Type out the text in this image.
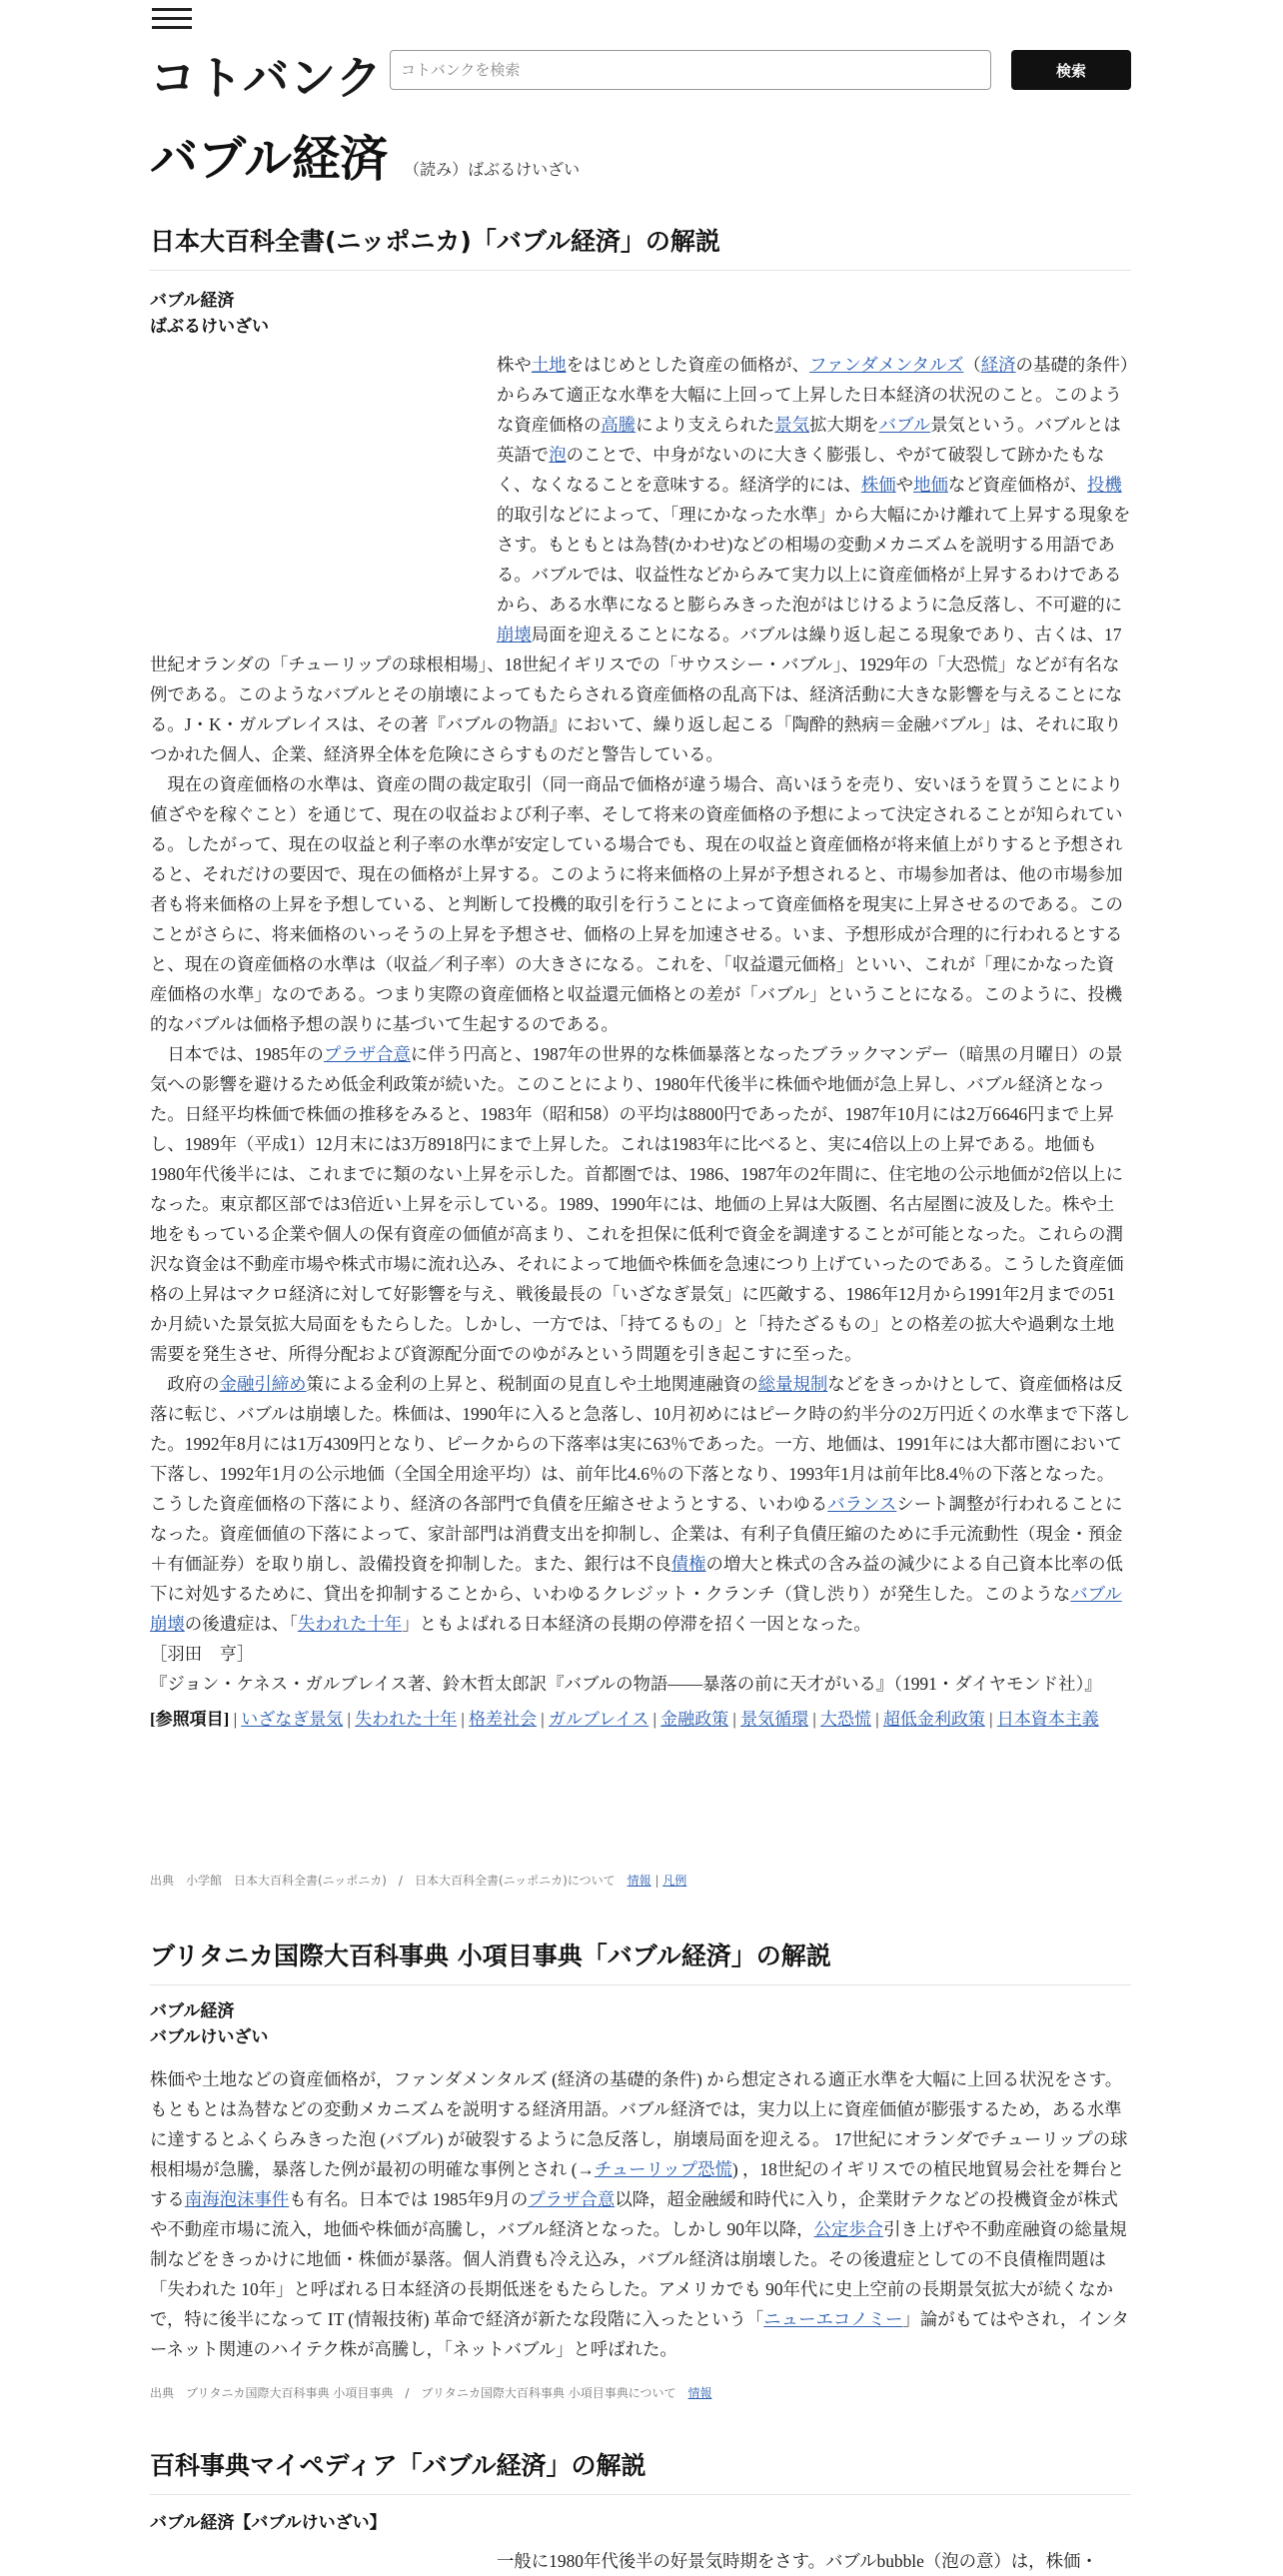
コトバンク
コトバンクを検索	検索
バブル経済 （読み）ばぶるけいざい
日本大百科全書(ニッポニカ)「バブル経済」の解説
バブル経済
ばぶるけいざい

株や土地をはじめとした資産の価格が、ファンダメンタルズ（経済の基礎的条件）からみて適正な水準を大幅に上回って上昇した日本経済の状況のこと。このような資産価格の高騰により支えられた景気拡大期をバブル景気という。バブルとは英語で泡のことで、中身がないのに大きく膨張し、やがて破裂して跡かたもなく、なくなることを意味する。経済学的には、株価や地価など資産価格が、投機的取引などによって、「理にかなった水準」から大幅にかけ離れて上昇する現象をさす。もともとは為替(かわせ)などの相場の変動メカニズムを説明する用語である。バブルでは、収益性などからみて実力以上に資産価格が上昇するわけであるから、ある水準になると膨らみきった泡がはじけるように急反落し、不可避的に崩壊局面を迎えることになる。バブルは繰り返し起こる現象であり、古くは、17世紀オランダの「チューリップの球根相場」、18世紀イギリスでの「サウスシー・バブル」、1929年の「大恐慌」などが有名な例である。このようなバブルとその崩壊によってもたらされる資産価格の乱高下は、経済活動に大きな影響を与えることになる。J・K・ガルブレイスは、その著『バブルの物語』において、繰り返し起こる「陶酔的熱病＝金融バブル」は、それに取りつかれた個人、企業、経済界全体を危険にさらすものだと警告している。

　現在の資産価格の水準は、資産の間の裁定取引（同一商品で価格が違う場合、高いほうを売り、安いほうを買うことにより値ざやを稼ぐこと）を通じて、現在の収益および利子率、そして将来の資産価格の予想によって決定されることが知られている。したがって、現在の収益と利子率の水準が安定している場合でも、現在の収益と資産価格が将来値上がりすると予想されると、それだけの要因で、現在の価格が上昇する。このように将来価格の上昇が予想されると、市場参加者は、他の市場参加者も将来価格の上昇を予想している、と判断して投機的取引を行うことによって資産価格を現実に上昇させるのである。このことがさらに、将来価格のいっそうの上昇を予想させ、価格の上昇を加速させる。いま、予想形成が合理的に行われるとすると、現在の資産価格の水準は（収益／利子率）の大きさになる。これを、「収益還元価格」といい、これが「理にかなった資産価格の水準」なのである。つまり実際の資産価格と収益還元価格との差が「バブル」ということになる。このように、投機的なバブルは価格予想の誤りに基づいて生起するのである。

　日本では、1985年のプラザ合意に伴う円高と、1987年の世界的な株価暴落となったブラックマンデー（暗黒の月曜日）の景気への影響を避けるため低金利政策が続いた。このことにより、1980年代後半に株価や地価が急上昇し、バブル経済となった。日経平均株価で株価の推移をみると、1983年（昭和58）の平均は8800円であったが、1987年10月には2万6646円まで上昇し、1989年（平成1）12月末には3万8918円にまで上昇した。これは1983年に比べると、実に4倍以上の上昇である。地価も1980年代後半には、これまでに類のない上昇を示した。首都圏では、1986、1987年の2年間に、住宅地の公示地価が2倍以上になった。東京都区部では3倍近い上昇を示している。1989、1990年には、地価の上昇は大阪圏、名古屋圏に波及した。株や土地をもっている企業や個人の保有資産の価値が高まり、これを担保に低利で資金を調達することが可能となった。これらの潤沢な資金は不動産市場や株式市場に流れ込み、それによって地価や株価を急速につり上げていったのである。こうした資産価格の上昇はマクロ経済に対して好影響を与え、戦後最長の「いざなぎ景気」に匹敵する、1986年12月から1991年2月までの51か月続いた景気拡大局面をもたらした。しかし、一方では、「持てるもの」と「持たざるもの」との格差の拡大や過剰な土地需要を発生させ、所得分配および資源配分面でのゆがみという問題を引き起こすに至った。

　政府の金融引締め策による金利の上昇と、税制面の見直しや土地関連融資の総量規制などをきっかけとして、資産価格は反落に転じ、バブルは崩壊した。株価は、1990年に入ると急落し、10月初めにはピーク時の約半分の2万円近くの水準まで下落した。1992年8月には1万4309円となり、ピークからの下落率は実に63％であった。一方、地価は、1991年には大都市圏において下落し、1992年1月の公示地価（全国全用途平均）は、前年比4.6％の下落となり、1993年1月は前年比8.4％の下落となった。こうした資産価格の下落により、経済の各部門で負債を圧縮させようとする、いわゆるバランスシート調整が行われることになった。資産価値の下落によって、家計部門は消費支出を抑制し、企業は、有利子負債圧縮のために手元流動性（現金・預金＋有価証券）を取り崩し、設備投資を抑制した。また、銀行は不良債権の増大と株式の含み益の減少による自己資本比率の低下に対処するために、貸出を抑制することから、いわゆるクレジット・クランチ（貸し渋り）が発生した。このようなバブル崩壊の後遺症は、「失われた十年」ともよばれる日本経済の長期の停滞を招く一因となった。

［羽田　亨］

『ジョン・ケネス・ガルブレイス著、鈴木哲太郎訳『バブルの物語――暴落の前に天才がいる』（1991・ダイヤモンド社）』

[参照項目] | いざなぎ景気 | 失われた十年 | 格差社会 | ガルブレイス | 金融政策 | 景気循環 | 大恐慌 | 超低金利政策 | 日本資本主義

出典　小学館　日本大百科全書(ニッポニカ)　/　日本大百科全書(ニッポニカ)について　 情報 | 凡例
ブリタニカ国際大百科事典 小項目事典「バブル経済」の解説
バブル経済
バブルけいざい

株価や土地などの資産価格が，ファンダメンタルズ (経済の基礎的条件) から想定される適正水準を大幅に上回る状況をさす。もともとは為替などの変動メカニズムを説明する経済用語。バブル経済では，実力以上に資産価値が膨張するため，ある水準に達するとふくらみきった泡 (バブル) が破裂するように急反落し，崩壊局面を迎える。 17世紀にオランダでチューリップの球根相場が急騰，暴落した例が最初の明確な事例とされ (→チューリップ恐慌) ，18世紀のイギリスでの植民地貿易会社を舞台とする南海泡沫事件も有名。日本では 1985年9月のプラザ合意以降，超金融緩和時代に入り，企業財テクなどの投機資金が株式や不動産市場に流入，地価や株価が高騰し，バブル経済となった。しかし 90年以降，公定歩合引き上げや不動産融資の総量規制などをきっかけに地価・株価が暴落。個人消費も冷え込み，バブル経済は崩壊した。その後遺症としての不良債権問題は「失われた 10年」と呼ばれる日本経済の長期低迷をもたらした。アメリカでも 90年代に史上空前の長期景気拡大が続くなかで，特に後半になって IT (情報技術) 革命で経済が新たな段階に入ったという「ニューエコノミー」論がもてはやされ，インターネット関連のハイテク株が高騰し，「ネットバブル」と呼ばれた。

出典　ブリタニカ国際大百科事典 小項目事典　/　ブリタニカ国際大百科事典 小項目事典について　 情報
百科事典マイペディア「バブル経済」の解説
バブル経済【バブルけいざい】

一般に1980年代後半の好景気時期をさす。バブルbubble（泡の意）は，株価・
